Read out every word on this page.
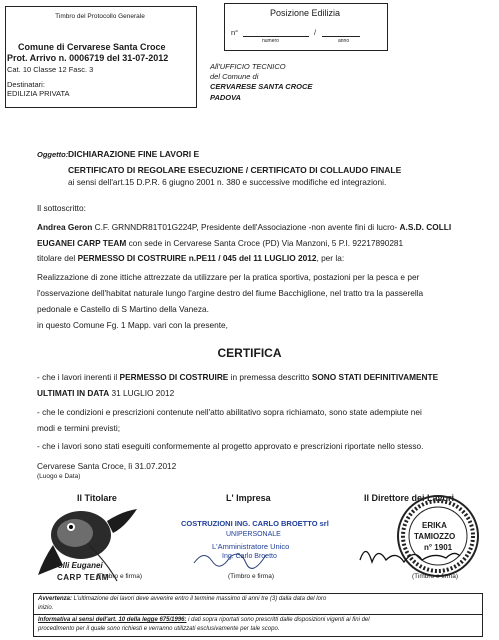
Timbro del Protocollo Generale
Comune di Cervarese Santa Croce
Prot. Arrivo n. 0006719 del 31-07-2012
Cat. 10 Classe 12 Fasc. 3
Destinatari:
EDILIZIA PRIVATA
Posizione Edilizia
n°	/
numero	anno
All'UFFICIO TECNICO
del Comune di
CERVARESE SANTA CROCE
PADOVA
Oggetto: DICHIARAZIONE FINE LAVORI E
CERTIFICATO DI REGOLARE ESECUZIONE / CERTIFICATO DI COLLAUDO FINALE
ai sensi dell'art.15 D.P.R. 6 giugno 2001 n. 380 e successive modifiche ed integrazioni.
Il sottoscritto:
Andrea Geron C.F. GRNNDR81T01G224P, Presidente dell'Associazione -non avente fini di lucro- A.S.D. COLLI
EUGANEI CARP TEAM con sede in Cervarese Santa Croce (PD) Via Manzoni, 5 P.I. 92217890281
titolare del PERMESSO DI COSTRUIRE n.PE11 / 045 del 11 LUGLIO 2012, per la:
Realizzazione di zone ittiche attrezzate da utilizzare per la pratica sportiva, postazioni per la pesca e per
l'osservazione dell'habitat naturale lungo l'argine destro del fiume Bacchiglione, nel tratto tra la passerella
pedonale e Castello di S Martino della Vaneza.
in questo Comune Fg. 1 Mapp. vari con la presente,
CERTIFICA
- che i lavori inerenti il PERMESSO DI COSTRUIRE in premessa descritto SONO STATI DEFINITIVAMENTE
ULTIMATI IN DATA 31 LUGLIO 2012
- che le condizioni e prescrizioni contenute nell'atto abilitativo sopra richiamato, sono state adempiute nei
modi e termini previsti;
- che i lavori sono stati eseguiti conformemente al progetto approvato e prescrizioni riportate nello stesso.
Cervarese Santa Croce, lì 31.07.2012
(Luogo e Data)
Il Titolare	L' Impresa	Il Direttore dei Lavori
Colli Euganei
CARP TEAM
(Timbro e firma)
COSTRUZIONI ING. CARLO BROETTO srl
UNIPERSONALE
L'Amministratore Unico
Ing. Carlo Broetto
(Timbro e firma)
ERIKA
TAMIOZZO
n° 1901
(Timbro e firma)
Avvertenza: L'ultimazione dei lavori deve avvenire entro il termine massimo di anni tre (3) dalla data del loro
inizio.
Informativa ai sensi dell'art. 10 della legge 675/1996: i dati sopra riportati sono prescritti dalle disposizioni vigenti ai fini del
procedimento per il quale sono richiesti e verranno utilizzati esclusivamente per tale scopo.
